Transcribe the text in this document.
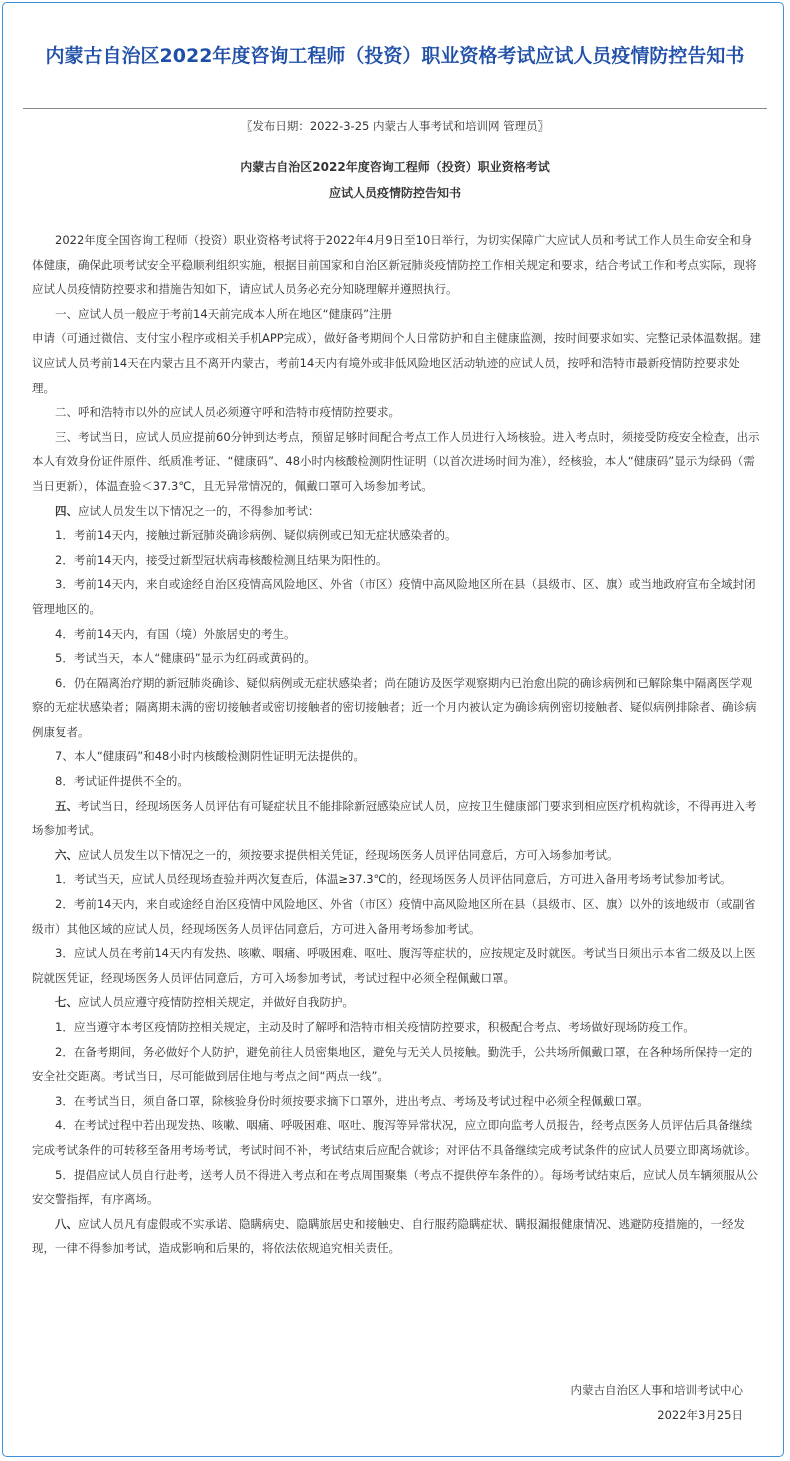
内蒙古自治区2022年度咨询工程师（投资）职业资格考试应试人员疫情防控告知书
〖发布日期：2022-3-25 内蒙古人事考试和培训网 管理员〗
内蒙古自治区2022年度咨询工程师（投资）职业资格考试
应试人员疫情防控告知书

2022年度全国咨询工程师（投资）职业资格考试将于2022年4月9日至10日举行，为切实保障广大应试人员和考试工作人员生命安全和身体健康，确保此项考试安全平稳顺利组织实施，根据目前国家和自治区新冠肺炎疫情防控工作相关规定和要求，结合考试工作和考点实际，现将应试人员疫情防控要求和措施告知如下，请应试人员务必充分知晓理解并遵照执行。

一、应试人员一般应于考前14天前完成本人所在地区“健康码”注册

申请（可通过微信、支付宝小程序或相关手机APP完成），做好备考期间个人日常防护和自主健康监测，按时间要求如实、完整记录体温数据。建议应试人员考前14天在内蒙古且不离开内蒙古，考前14天内有境外或非低风险地区活动轨迹的应试人员，按呼和浩特市最新疫情防控要求处理。

二、呼和浩特市以外的应试人员必须遵守呼和浩特市疫情防控要求。

三、考试当日，应试人员应提前60分钟到达考点，预留足够时间配合考点工作人员进行入场核验。进入考点时，须接受防疫安全检查，出示本人有效身份证件原件、纸质准考证、“健康码”、48小时内核酸检测阴性证明（以首次进场时间为准），经核验，本人“健康码”显示为绿码（需当日更新），体温查验＜37.3℃，且无异常情况的，佩戴口罩可入场参加考试。

四、应试人员发生以下情况之一的，不得参加考试：

1．考前14天内，接触过新冠肺炎确诊病例、疑似病例或已知无症状感染者的。

2．考前14天内，接受过新型冠状病毒核酸检测且结果为阳性的。

3．考前14天内，来自或途经自治区疫情高风险地区、外省（市区）疫情中高风险地区所在县（县级市、区、旗）或当地政府宣布全域封闭管理地区的。

4．考前14天内，有国（境）外旅居史的考生。

5．考试当天，本人“健康码”显示为红码或黄码的。

6．仍在隔离治疗期的新冠肺炎确诊、疑似病例或无症状感染者；尚在随访及医学观察期内已治愈出院的确诊病例和已解除集中隔离医学观察的无症状感染者；隔离期未满的密切接触者或密切接触者的密切接触者；近一个月内被认定为确诊病例密切接触者、疑似病例排除者、确诊病例康复者。

7、本人“健康码”和48小时内核酸检测阴性证明无法提供的。

8．考试证件提供不全的。

五、考试当日，经现场医务人员评估有可疑症状且不能排除新冠感染应试人员，应按卫生健康部门要求到相应医疗机构就诊，不得再进入考场参加考试。

六、应试人员发生以下情况之一的，须按要求提供相关凭证，经现场医务人员评估同意后，方可入场参加考试。

1．考试当天，应试人员经现场查验并两次复查后，体温≥37.3℃的，经现场医务人员评估同意后，方可进入备用考场考试参加考试。

2．考前14天内，来自或途经自治区疫情中风险地区、外省（市区）疫情中高风险地区所在县（县级市、区、旗）以外的该地级市（或副省级市）其他区域的应试人员，经现场医务人员评估同意后，方可进入备用考场参加考试。

3．应试人员在考前14天内有发热、咳嗽、咽痛、呼吸困难、呕吐、腹泻等症状的，应按规定及时就医。考试当日须出示本省二级及以上医院就医凭证，经现场医务人员评估同意后，方可入场参加考试，考试过程中必须全程佩戴口罩。

七、应试人员应遵守疫情防控相关规定，并做好自我防护。

1．应当遵守本考区疫情防控相关规定，主动及时了解呼和浩特市相关疫情防控要求，积极配合考点、考场做好现场防疫工作。

2．在备考期间，务必做好个人防护，避免前往人员密集地区，避免与无关人员接触。勤洗手，公共场所佩戴口罩，在各种场所保持一定的安全社交距离。考试当日，尽可能做到居住地与考点之间“两点一线”。

3．在考试当日，须自备口罩，除核验身份时须按要求摘下口罩外，进出考点、考场及考试过程中必须全程佩戴口罩。

4．在考试过程中若出现发热、咳嗽、咽痛、呼吸困难、呕吐、腹泻等异常状况，应立即向监考人员报告，经考点医务人员评估后具备继续完成考试条件的可转移至备用考场考试，考试时间不补，考试结束后应配合就诊；对评估不具备继续完成考试条件的应试人员要立即离场就诊。

5．提倡应试人员自行赴考，送考人员不得进入考点和在考点周围聚集（考点不提供停车条件的）。每场考试结束后，应试人员车辆须服从公安交警指挥，有序离场。

八、应试人员凡有虚假或不实承诺、隐瞒病史、隐瞒旅居史和接触史、自行服药隐瞒症状、瞒报漏报健康情况、逃避防疫措施的，一经发现，一律不得参加考试，造成影响和后果的，将依法依规追究相关责任。

内蒙古自治区人事和培训考试中心
2022年3月25日
